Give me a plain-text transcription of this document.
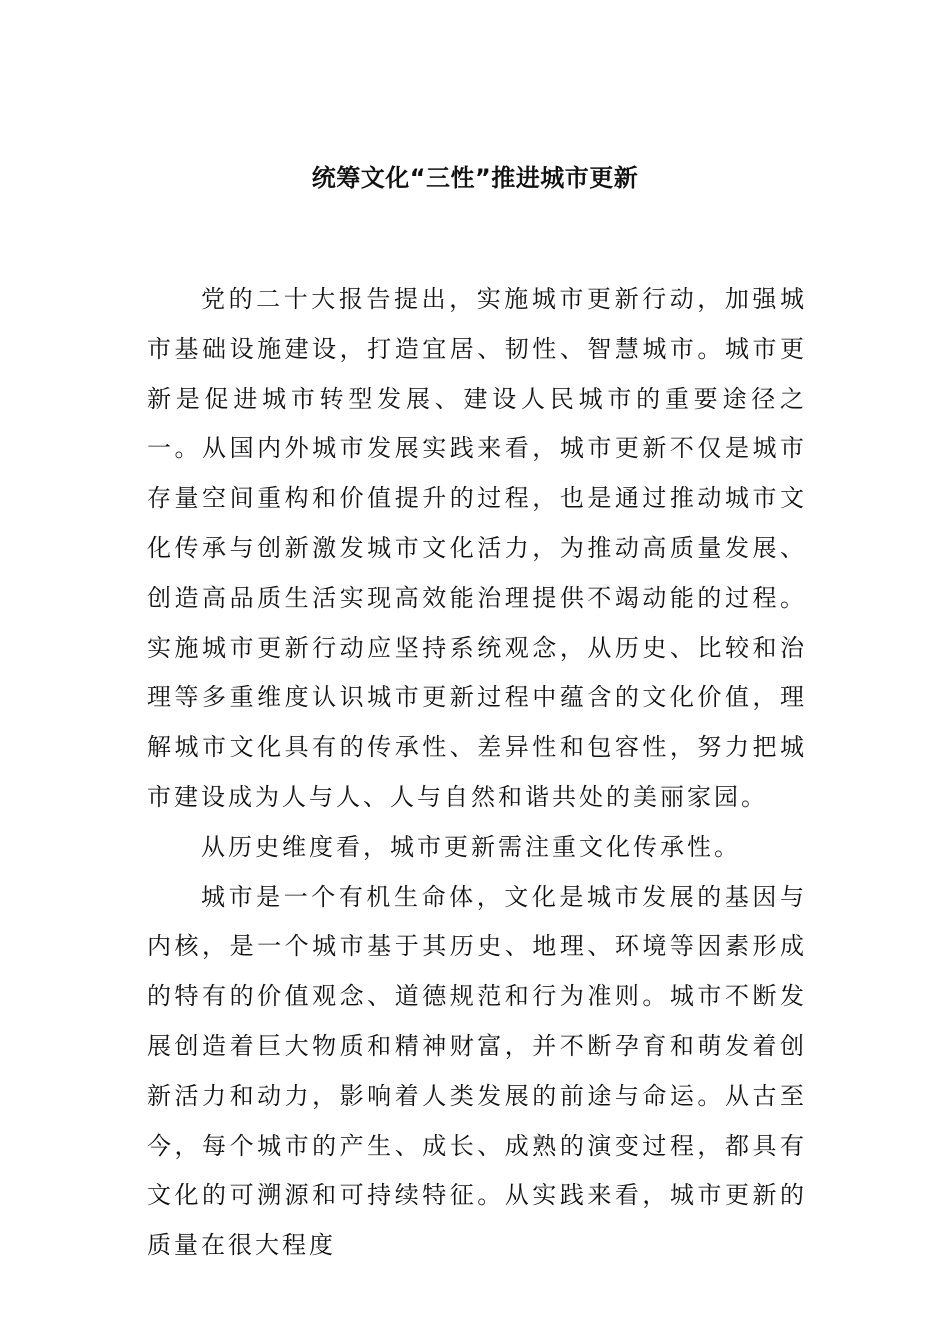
统筹文化“三性”推进城市更新

党的二十大报告提出，实施城市更新行动，加强城市基础设施建设，打造宜居、韧性、智慧城市。城市更新是促进城市转型发展、建设人民城市的重要途径之一。从国内外城市发展实践来看，城市更新不仅是城市存量空间重构和价值提升的过程，也是通过推动城市文化传承与创新激发城市文化活力，为推动高质量发展、创造高品质生活实现高效能治理提供不竭动能的过程。实施城市更新行动应坚持系统观念，从历史、比较和治理等多重维度认识城市更新过程中蕴含的文化价值，理解城市文化具有的传承性、差异性和包容性，努力把城市建设成为人与人、人与自然和谐共处的美丽家园。

从历史维度看，城市更新需注重文化传承性。

城市是一个有机生命体，文化是城市发展的基因与内核，是一个城市基于其历史、地理、环境等因素形成的特有的价值观念、道德规范和行为准则。城市不断发展创造着巨大物质和精神财富，并不断孕育和萌发着创新活力和动力，影响着人类发展的前途与命运。从古至今，每个城市的产生、成长、成熟的演变过程，都具有文化的可溯源和可持续特征。从实践来看，城市更新的质量在很大程度
